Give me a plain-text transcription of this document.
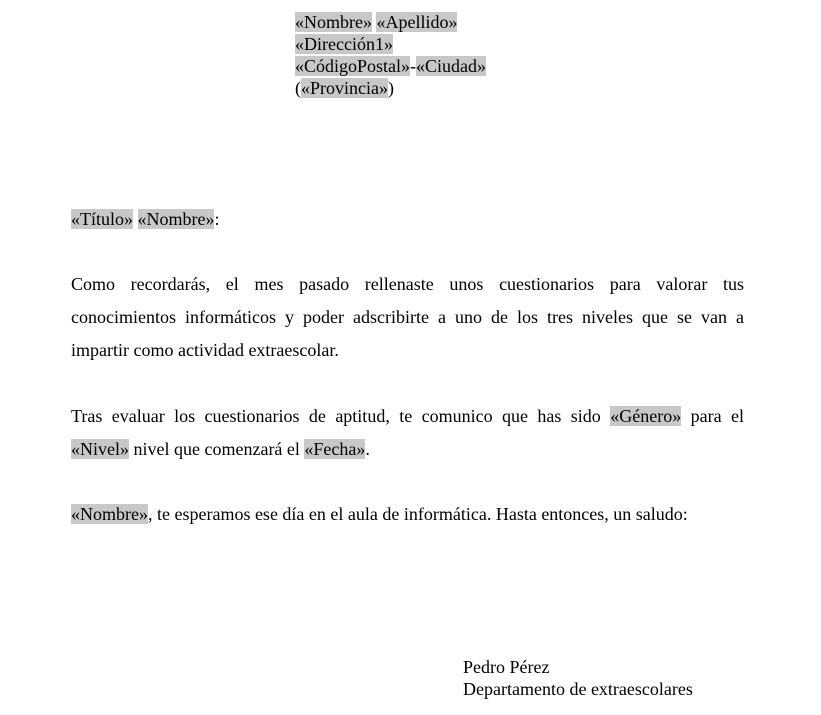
«Nombre» «Apellido»
«Dirección1»
«CódigoPostal»-«Ciudad»
(«Provincia»)
«Título» «Nombre»:
Como recordarás, el mes pasado rellenaste unos cuestionarios para valorar tus
conocimientos informáticos y poder adscribirte a uno de los tres niveles que se van a
impartir como actividad extraescolar.
Tras evaluar los cuestionarios de aptitud, te comunico que has sido «Género» para el
«Nivel» nivel que comenzará el «Fecha».
«Nombre», te esperamos ese día en el aula de informática. Hasta entonces, un saludo:
Pedro Pérez
Departamento de extraescolares
